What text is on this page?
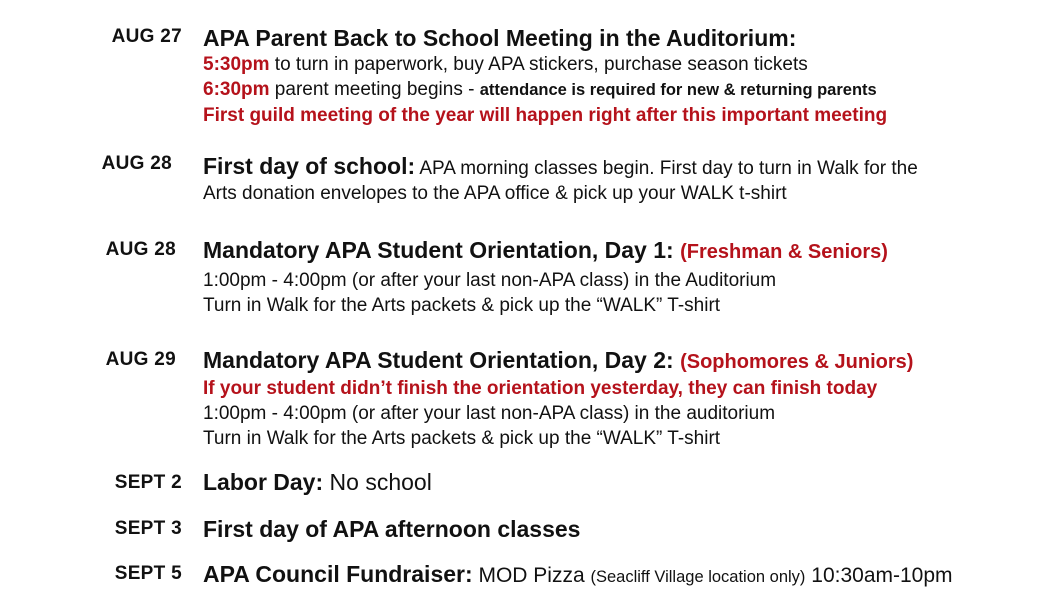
AUG 27 APA Parent Back to School Meeting in the Auditorium:
5:30pm to turn in paperwork, buy APA stickers, purchase season tickets
6:30pm parent meeting begins - attendance is required for new & returning parents
First guild meeting of the year will happen right after this important meeting
AUG 28 First day of school: APA morning classes begin. First day to turn in Walk for the
Arts donation envelopes to the APA office & pick up your WALK t-shirt
AUG 28 Mandatory APA Student Orientation, Day 1: (Freshman & Seniors)
1:00pm - 4:00pm (or after your last non-APA class) in the Auditorium
Turn in Walk for the Arts packets & pick up the “WALK” T-shirt
AUG 29 Mandatory APA Student Orientation, Day 2: (Sophomores & Juniors)
If your student didn’t finish the orientation yesterday, they can finish today
1:00pm - 4:00pm (or after your last non-APA class) in the auditorium
Turn in Walk for the Arts packets & pick up the “WALK” T-shirt
SEPT 2 Labor Day: No school
SEPT 3 First day of APA afternoon classes
SEPT 5 APA Council Fundraiser: MOD Pizza (Seacliff Village location only) 10:30am-10pm
